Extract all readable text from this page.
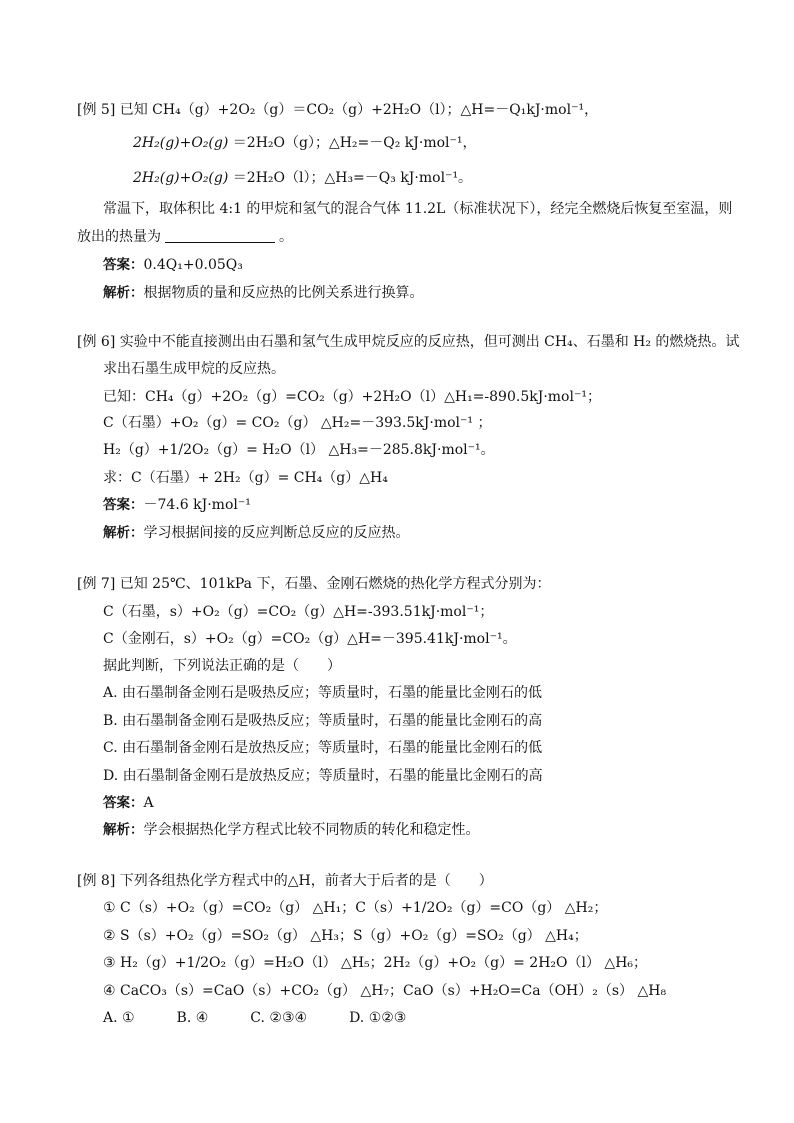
[例 5] 已知 CH₄（g）+2O₂（g）＝CO₂（g）+2H₂O（l）；△H=－Q₁kJ·mol⁻¹，
2H₂(g)+O₂(g) ＝2H₂O（g）；△H₂=－Q₂ kJ·mol⁻¹，
2H₂(g)+O₂(g) ＝2H₂O（l）；△H₃=－Q₃ kJ·mol⁻¹。
常温下，取体积比 4:1 的甲烷和氢气的混合气体 11.2L（标准状况下），经完全燃烧后恢复至室温，则
放出的热量为	。
答案：0.4Q₁+0.05Q₃
解析：根据物质的量和反应热的比例关系进行换算。
[例 6] 实验中不能直接测出由石墨和氢气生成甲烷反应的反应热，但可测出 CH₄、石墨和 H₂ 的燃烧热。试
求出石墨生成甲烷的反应热。
已知：CH₄（g）+2O₂（g）=CO₂（g）+2H₂O（l）△H₁=-890.5kJ·mol⁻¹；
C（石墨）+O₂（g）= CO₂（g） △H₂=－393.5kJ·mol⁻¹ ；
H₂（g）+1/2O₂（g）= H₂O（l） △H₃=－285.8kJ·mol⁻¹。
求：C（石墨）+ 2H₂（g）= CH₄（g）△H₄
答案：－74.6 kJ·mol⁻¹
解析：学习根据间接的反应判断总反应的反应热。
[例 7] 已知 25℃、101kPa 下，石墨、金刚石燃烧的热化学方程式分别为：
C（石墨，s）+O₂（g）=CO₂（g）△H=-393.51kJ·mol⁻¹；
C（金刚石，s）+O₂（g）=CO₂（g）△H=－395.41kJ·mol⁻¹。
据此判断，下列说法正确的是（　　）
A. 由石墨制备金刚石是吸热反应；等质量时，石墨的能量比金刚石的低
B. 由石墨制备金刚石是吸热反应；等质量时，石墨的能量比金刚石的高
C. 由石墨制备金刚石是放热反应；等质量时，石墨的能量比金刚石的低
D. 由石墨制备金刚石是放热反应；等质量时，石墨的能量比金刚石的高
答案：A
解析：学会根据热化学方程式比较不同物质的转化和稳定性。
[例 8] 下列各组热化学方程式中的△H，前者大于后者的是（　　）
① C（s）+O₂（g）=CO₂（g） △H₁；C（s）+1/2O₂（g）=CO（g） △H₂；
② S（s）+O₂（g）=SO₂（g） △H₃；S（g）+O₂（g）=SO₂（g） △H₄；
③ H₂（g）+1/2O₂（g）=H₂O（l） △H₅；2H₂（g）+O₂（g）= 2H₂O（l） △H₆；
④ CaCO₃（s）=CaO（s）+CO₂（g） △H₇；CaO（s）+H₂O=Ca（OH）₂（s） △H₈
A. ①　　　B. ④　　　C. ②③④　　　D. ①②③
